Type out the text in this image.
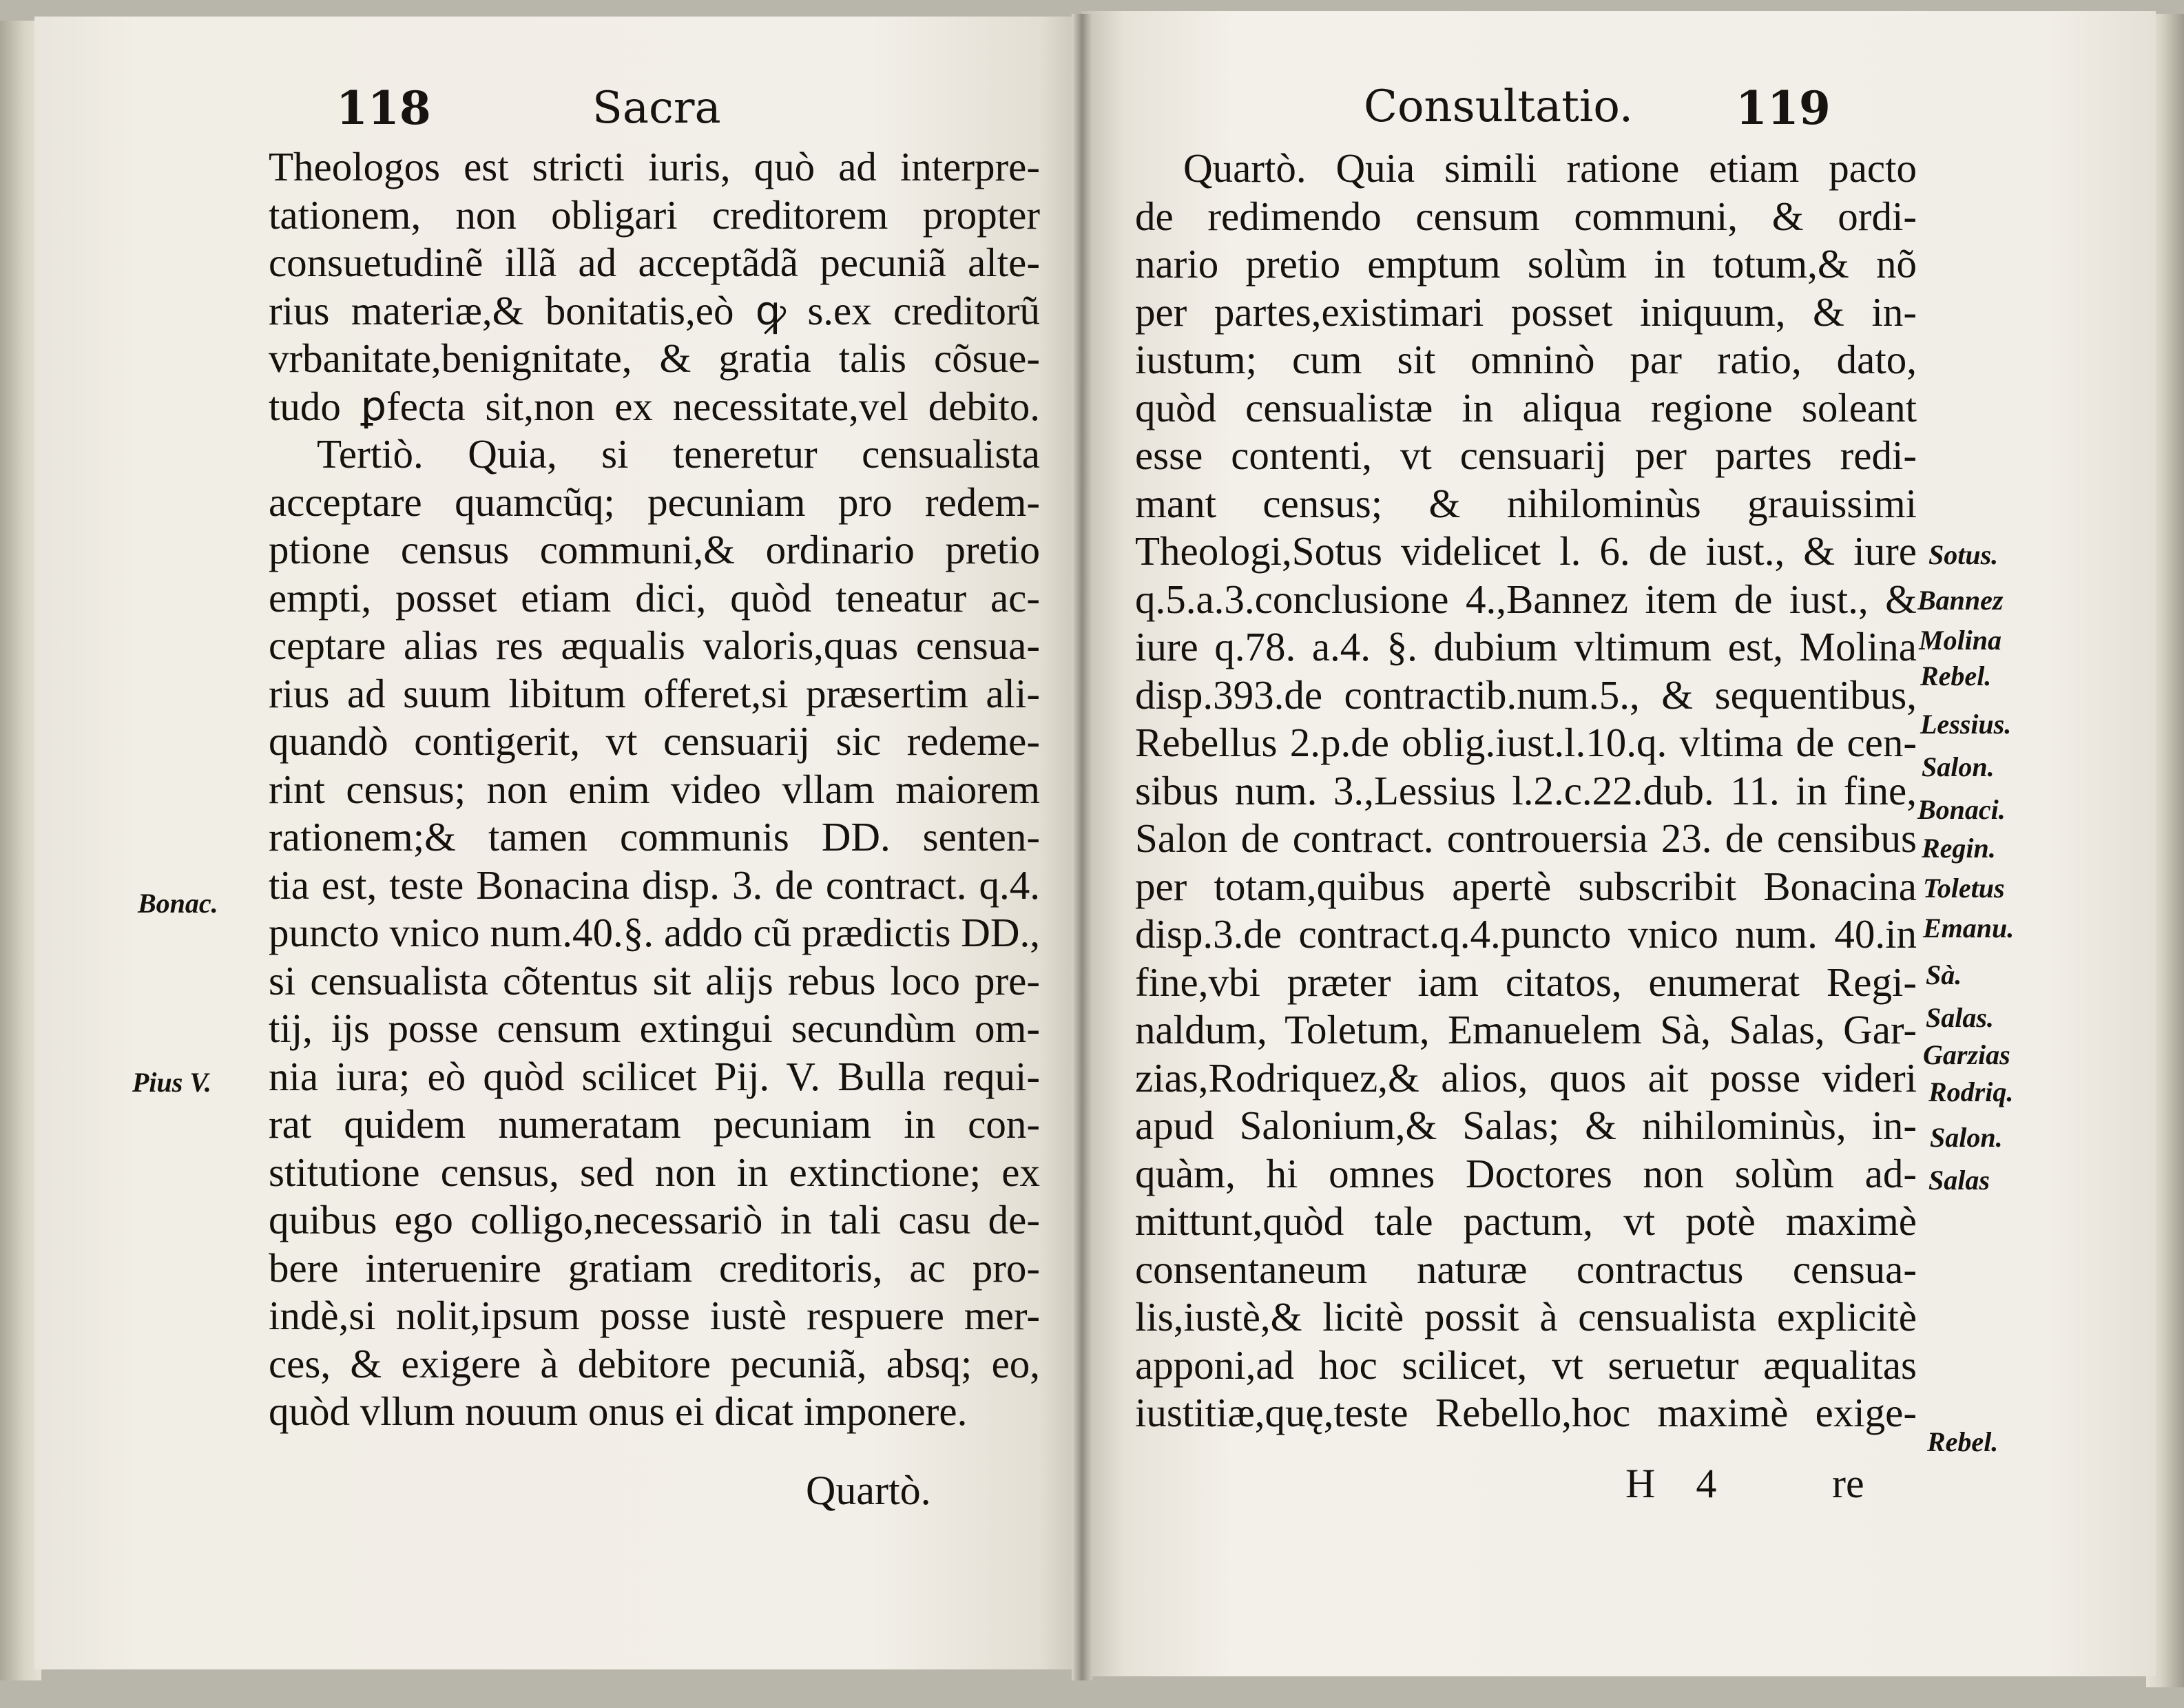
118	Sacra
Theologos est stricti iuris, quò ad interpre-
tationem, non obligari creditorem propter
consuetudinẽ illã ad acceptãdã pecuniã alte-
rius materiæ,& bonitatis,eò ꝙ s.ex creditorũ
vrbanitate,benignitate, & gratia talis cõsue-
tudo ꝑfecta sit,non ex necessitate,vel debito.
Tertiò. Quia, si teneretur censualista
acceptare quamcũq; pecuniam pro redem-
ptione census communi,& ordinario pretio
empti, posset etiam dici, quòd teneatur ac-
ceptare alias res æqualis valoris,quas censua-
rius ad suum libitum offeret,si præsertim ali-
quandò contigerit, vt censuarij sic redeme-
rint census; non enim video vllam maiorem
rationem;& tamen communis DD. senten-
tia est, teste Bonacina disp. 3. de contract. q.4.
puncto vnico num.40.§. addo cũ prædictis DD.,
si censualista cõtentus sit alijs rebus loco pre-
tij, ijs posse censum extingui secundùm om-
nia iura; eò quòd scilicet Pij. V. Bulla requi-
rat quidem numeratam pecuniam in con-
stitutione census, sed non in extinctione; ex
quibus ego colligo,necessariò in tali casu de-
bere interuenire gratiam creditoris, ac pro-
indè,si nolit,ipsum posse iustè respuere mer-
ces, & exigere à debitore pecuniã, absq; eo,
quòd vllum nouum onus ei dicat imponere.
Bonac.
Pius V.
Quartò.
Consultatio. 119
Quartò. Quia simili ratione etiam pacto
de redimendo censum communi, & ordi-
nario pretio emptum solùm in totum,& nõ
per partes,existimari posset iniquum, & in-
iustum; cum sit omninò par ratio, dato,
quòd censualistæ in aliqua regione soleant
esse contenti, vt censuarij per partes redi-
mant census; & nihilominùs grauissimi
Theologi,Sotus videlicet l. 6. de iust., & iure
q.5.a.3.conclusione 4.,Bannez item de iust., &
iure q.78. a.4. §. dubium vltimum est, Molina
disp.393.de contractib.num.5., & sequentibus,
Rebellus 2.p.de oblig.iust.l.10.q. vltima de cen-
sibus num. 3.,Lessius l.2.c.22.dub. 11. in fine,
Salon de contract. controuersia 23. de censibus
per totam,quibus apertè subscribit Bonacina
disp.3.de contract.q.4.puncto vnico num. 40.in
fine,vbi præter iam citatos, enumerat Regi-
naldum, Toletum, Emanuelem Sà, Salas, Gar-
zias,Rodriquez,& alios, quos ait posse videri
apud Salonium,& Salas; & nihilominùs, in-
quàm, hi omnes Doctores non solùm ad-
mittunt,quòd tale pactum, vt potè maximè
consentaneum naturæ contractus censua-
lis,iustè,& licitè possit à censualista explicitè
apponi,ad hoc scilicet, vt seruetur æqualitas
iustitiæ,quę,teste Rebello,hoc maximè exige-
Sotus.
Bannez
Molina
Rebel.
Lessius.
Salon.
Bonaci.
Regin.
Toletus
Emanu.
Sà.
Salas.
Garzias
Rodriq.
Salon.
Salas
Rebel.
H 4 re
